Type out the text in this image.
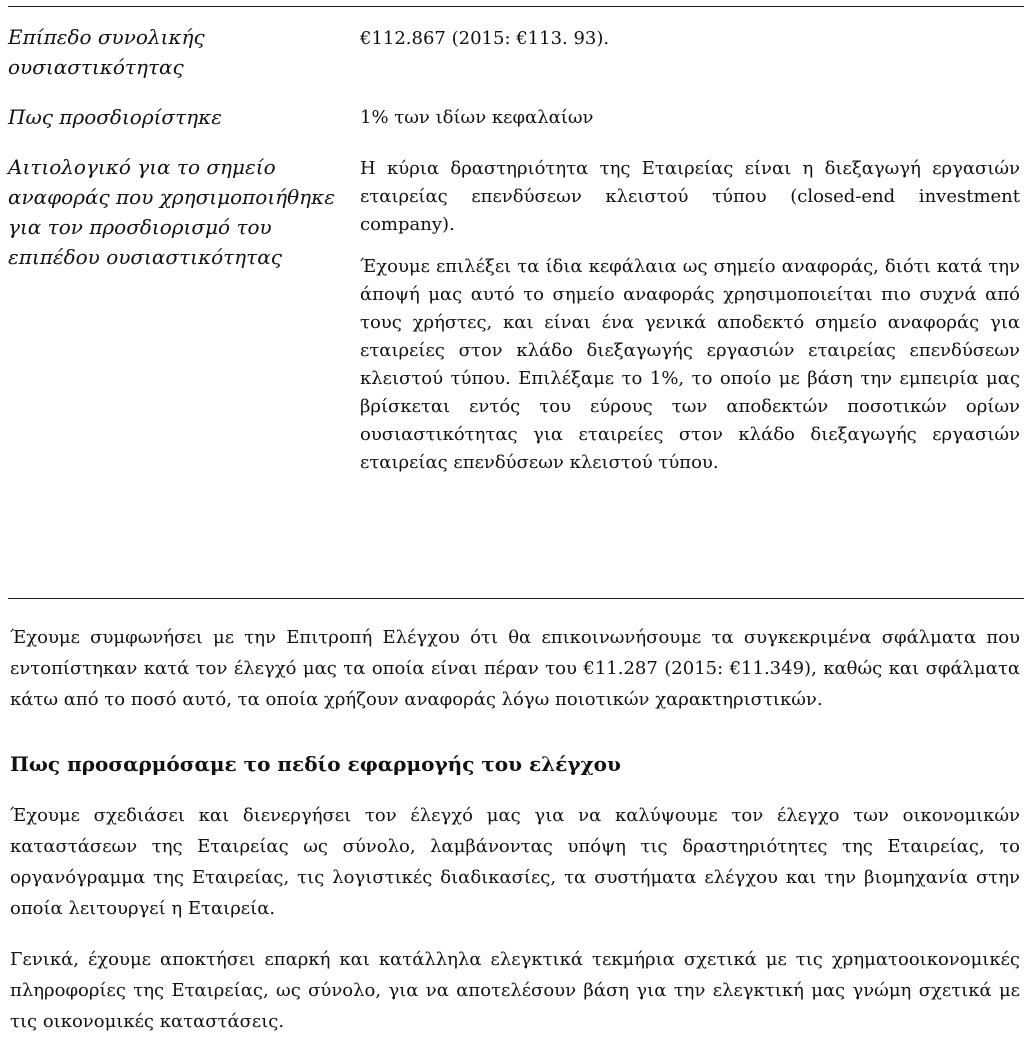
Επίπεδο συνολικής ουσιαστικότητας
€112.867 (2015: €113. 93).
Πως προσδιορίστηκε	1% των ιδίων κεφαλαίων
Αιτιολογικό για το σημείο αναφοράς που χρησιμοποιήθηκε για τον προσδιορισμό του επιπέδου ουσιαστικότητας
Η κύρια δραστηριότητα της Εταιρείας είναι η διεξαγωγή εργασιών εταιρείας επενδύσεων κλειστού τύπου (closed-end investment company).
Έχουμε επιλέξει τα ίδια κεφάλαια ως σημείο αναφοράς, διότι κατά την άποψή μας αυτό το σημείο αναφοράς χρησιμοποιείται πιο συχνά από τους χρήστες, και είναι ένα γενικά αποδεκτό σημείο αναφοράς για εταιρείες στον κλάδο διεξαγωγής εργασιών εταιρείας επενδύσεων κλειστού τύπου. Επιλέξαμε το 1%, το οποίο με βάση την εμπειρία μας βρίσκεται εντός του εύρους των αποδεκτών ποσοτικών ορίων ουσιαστικότητας για εταιρείες στον κλάδο διεξαγωγής εργασιών εταιρείας επενδύσεων κλειστού τύπου.

Έχουμε συμφωνήσει με την Επιτροπή Ελέγχου ότι θα επικοινωνήσουμε τα συγκεκριμένα σφάλματα που εντοπίστηκαν κατά τον έλεγχό μας τα οποία είναι πέραν του €11.287 (2015: €11.349), καθώς και σφάλματα κάτω από το ποσό αυτό, τα οποία χρήζουν αναφοράς λόγω ποιοτικών χαρακτηριστικών.

Πως προσαρμόσαμε το πεδίο εφαρμογής του ελέγχου

Έχουμε σχεδιάσει και διενεργήσει τον έλεγχό μας για να καλύψουμε τον έλεγχο των οικονομικών καταστάσεων της Εταιρείας ως σύνολο, λαμβάνοντας υπόψη τις δραστηριότητες της Εταιρείας, το οργανόγραμμα της Εταιρείας, τις λογιστικές διαδικασίες, τα συστήματα ελέγχου και την βιομηχανία στην οποία λειτουργεί η Εταιρεία.

Γενικά, έχουμε αποκτήσει επαρκή και κατάλληλα ελεγκτικά τεκμήρια σχετικά με τις χρηματοοικονομικές πληροφορίες της Εταιρείας, ως σύνολο, για να αποτελέσουν βάση για την ελεγκτική μας γνώμη σχετικά με τις οικονομικές καταστάσεις.
